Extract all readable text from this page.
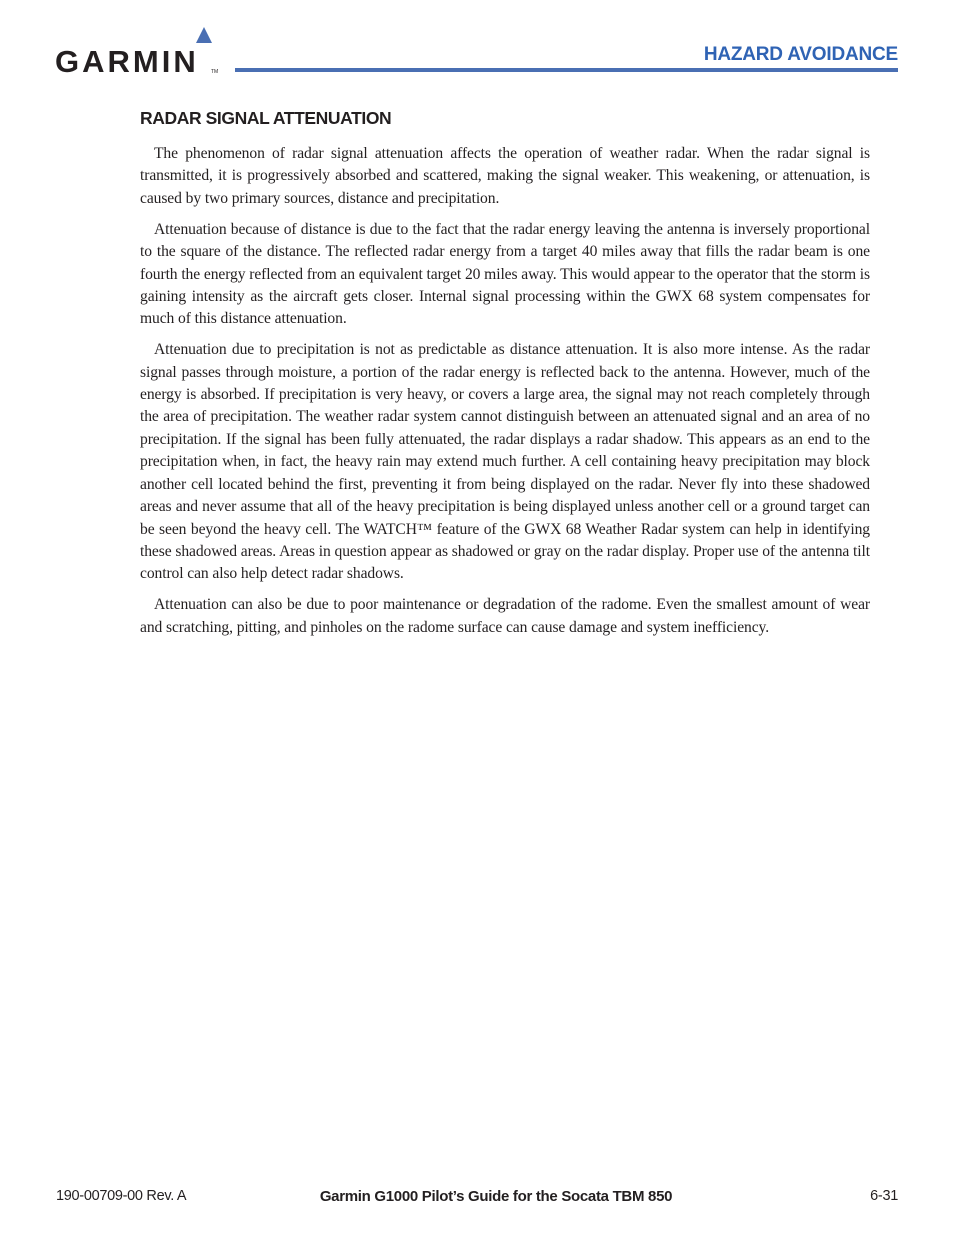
GARMIN TM
HAZARD AVOIDANCE
RADAR SIGNAL ATTENUATION

The phenomenon of radar signal attenuation affects the operation of weather radar. When the radar signal is transmitted, it is progressively absorbed and scattered, making the signal weaker. This weakening, or attenuation, is caused by two primary sources, distance and precipitation.

Attenuation because of distance is due to the fact that the radar energy leaving the antenna is inversely proportional to the square of the distance. The reflected radar energy from a target 40 miles away that fills the radar beam is one fourth the energy reflected from an equivalent target 20 miles away. This would appear to the operator that the storm is gaining intensity as the aircraft gets closer. Internal signal processing within the GWX 68 system compensates for much of this distance attenuation.

Attenuation due to precipitation is not as predictable as distance attenuation. It is also more intense. As the radar signal passes through moisture, a portion of the radar energy is reflected back to the antenna. However, much of the energy is absorbed. If precipitation is very heavy, or covers a large area, the signal may not reach completely through the area of precipitation. The weather radar system cannot distinguish between an attenuated signal and an area of no precipitation. If the signal has been fully attenuated, the radar displays a radar shadow. This appears as an end to the precipitation when, in fact, the heavy rain may extend much further. A cell containing heavy precipitation may block another cell located behind the first, preventing it from being displayed on the radar. Never fly into these shadowed areas and never assume that all of the heavy precipitation is being displayed unless another cell or a ground target can be seen beyond the heavy cell. The WATCH™ feature of the GWX 68 Weather Radar system can help in identifying these shadowed areas. Areas in question appear as shadowed or gray on the radar display. Proper use of the antenna tilt control can also help detect radar shadows.

Attenuation can also be due to poor maintenance or degradation of the radome. Even the smallest amount of wear and scratching, pitting, and pinholes on the radome surface can cause damage and system inefficiency.

190-00709-00 Rev. A	Garmin G1000 Pilot’s Guide for the Socata TBM 850	6-31
